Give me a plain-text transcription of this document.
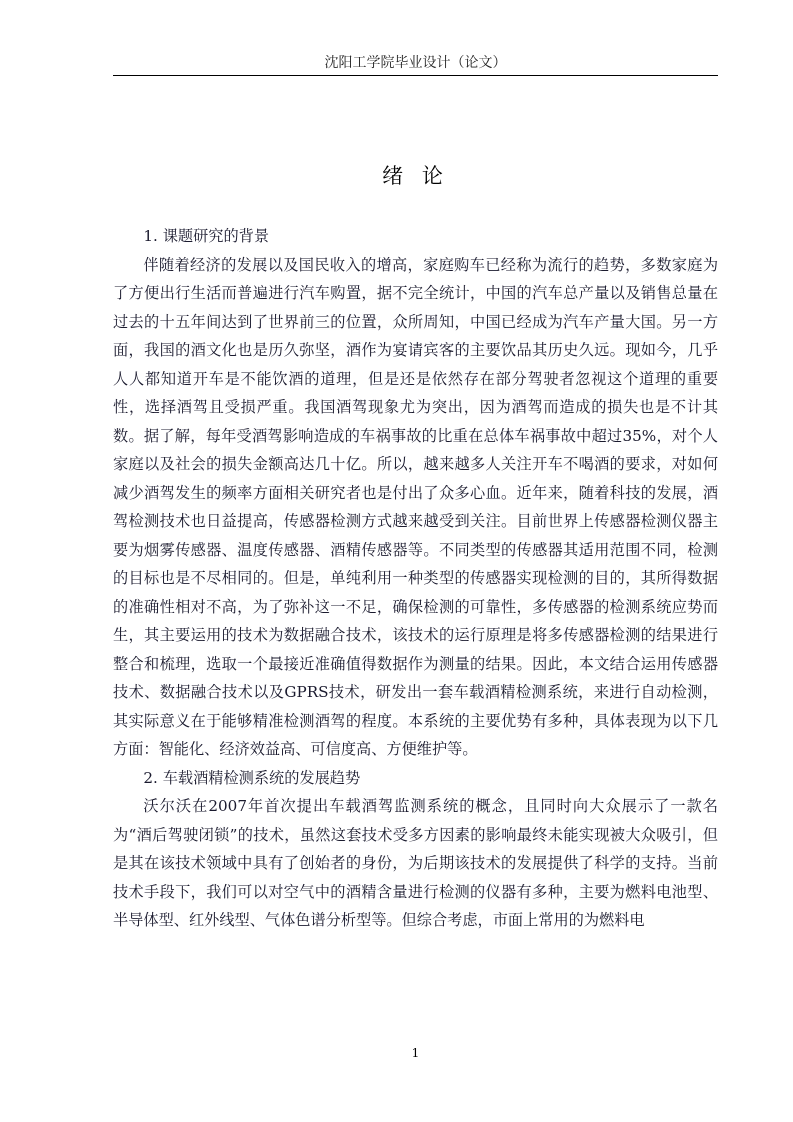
沈阳工学院毕业设计（论文）
绪 论

1. 课题研究的背景

伴随着经济的发展以及国民收入的增高，家庭购车已经称为流行的趋势，多数家庭为了方便出行生活而普遍进行汽车购置，据不完全统计，中国的汽车总产量以及销售总量在过去的十五年间达到了世界前三的位置，众所周知，中国已经成为汽车产量大国。另一方面，我国的酒文化也是历久弥坚，酒作为宴请宾客的主要饮品其历史久远。现如今，几乎人人都知道开车是不能饮酒的道理，但是还是依然存在部分驾驶者忽视这个道理的重要性，选择酒驾且受损严重。我国酒驾现象尤为突出，因为酒驾而造成的损失也是不计其数。据了解，每年受酒驾影响造成的车祸事故的比重在总体车祸事故中超过35%，对个人家庭以及社会的损失金额高达几十亿。所以，越来越多人关注开车不喝酒的要求，对如何减少酒驾发生的频率方面相关研究者也是付出了众多心血。近年来，随着科技的发展，酒驾检测技术也日益提高，传感器检测方式越来越受到关注。目前世界上传感器检测仪器主要为烟雾传感器、温度传感器、酒精传感器等。不同类型的传感器其适用范围不同，检测的目标也是不尽相同的。但是，单纯利用一种类型的传感器实现检测的目的，其所得数据的准确性相对不高，为了弥补这一不足，确保检测的可靠性，多传感器的检测系统应势而生，其主要运用的技术为数据融合技术，该技术的运行原理是将多传感器检测的结果进行整合和梳理，选取一个最接近准确值得数据作为测量的结果。因此，本文结合运用传感器技术、数据融合技术以及GPRS技术，研发出一套车载酒精检测系统，来进行自动检测，其实际意义在于能够精准检测酒驾的程度。本系统的主要优势有多种，具体表现为以下几方面：智能化、经济效益高、可信度高、方便维护等。

2. 车载酒精检测系统的发展趋势

沃尔沃在2007年首次提出车载酒驾监测系统的概念，且同时向大众展示了一款名为“酒后驾驶闭锁”的技术，虽然这套技术受多方因素的影响最终未能实现被大众吸引，但是其在该技术领域中具有了创始者的身份，为后期该技术的发展提供了科学的支持。当前技术手段下，我们可以对空气中的酒精含量进行检测的仪器有多种，主要为燃料电池型、半导体型、红外线型、气体色谱分析型等。但综合考虑，市面上常用的为燃料电

1
